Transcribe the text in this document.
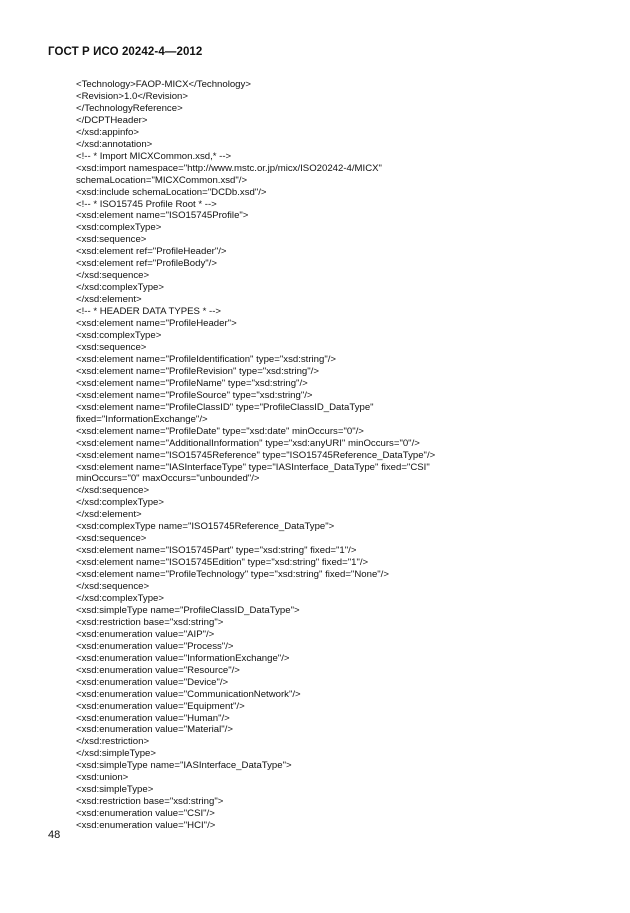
ГОСТ Р ИСО 20242-4—2012
<Technology>FAOP-MICX</Technology>
<Revision>1.0</Revision>
</TechnologyReference>
</DCPTHeader>
</xsd:appinfo>
</xsd:annotation>
<!-- * Import MICXCommon.xsd,* -->
<xsd:import namespace="http://www.mstc.or.jp/micx/ISO20242-4/MICX"
schemaLocation="MICXCommon.xsd"/>
<xsd:include schemaLocation="DCDb.xsd"/>
<!-- * ISO15745 Profile Root * -->
<xsd:element name="ISO15745Profile">
<xsd:complexType>
<xsd:sequence>
<xsd:element ref="ProfileHeader"/>
<xsd:element ref="ProfileBody"/>
</xsd:sequence>
</xsd:complexType>
</xsd:element>
<!-- * HEADER DATA TYPES * -->
<xsd:element name="ProfileHeader">
<xsd:complexType>
<xsd:sequence>
<xsd:element name="ProfileIdentification" type="xsd:string"/>
<xsd:element name="ProfileRevision" type="xsd:string"/>
<xsd:element name="ProfileName" type="xsd:string"/>
<xsd:element name="ProfileSource" type="xsd:string"/>
<xsd:element name="ProfileClassID" type="ProfileClassID_DataType"
fixed="InformationExchange"/>
<xsd:element name="ProfileDate" type="xsd:date" minOccurs="0"/>
<xsd:element name="AdditionalInformation" type="xsd:anyURI" minOccurs="0"/>
<xsd:element name="ISO15745Reference" type="ISO15745Reference_DataType"/>
<xsd:element name="IASInterfaceType" type="IASInterface_DataType" fixed="CSI"
minOccurs="0" maxOccurs="unbounded"/>
</xsd:sequence>
</xsd:complexType>
</xsd:element>
<xsd:complexType name="ISO15745Reference_DataType">
<xsd:sequence>
<xsd:element name="ISO15745Part" type="xsd:string" fixed="1"/>
<xsd:element name="ISO15745Edition" type="xsd:string" fixed="1"/>
<xsd:element name="ProfileTechnology" type="xsd:string" fixed="None"/>
</xsd:sequence>
</xsd:complexType>
<xsd:simpleType name="ProfileClassID_DataType">
<xsd:restriction base="xsd:string">
<xsd:enumeration value="AIP"/>
<xsd:enumeration value="Process"/>
<xsd:enumeration value="InformationExchange"/>
<xsd:enumeration value="Resource"/>
<xsd:enumeration value="Device"/>
<xsd:enumeration value="CommunicationNetwork"/>
<xsd:enumeration value="Equipment"/>
<xsd:enumeration value="Human"/>
<xsd:enumeration value="Material"/>
</xsd:restriction>
</xsd:simpleType>
<xsd:simpleType name="IASInterface_DataType">
<xsd:union>
<xsd:simpleType>
<xsd:restriction base="xsd:string">
<xsd:enumeration value="CSI"/>
<xsd:enumeration value="HCI"/>
48
